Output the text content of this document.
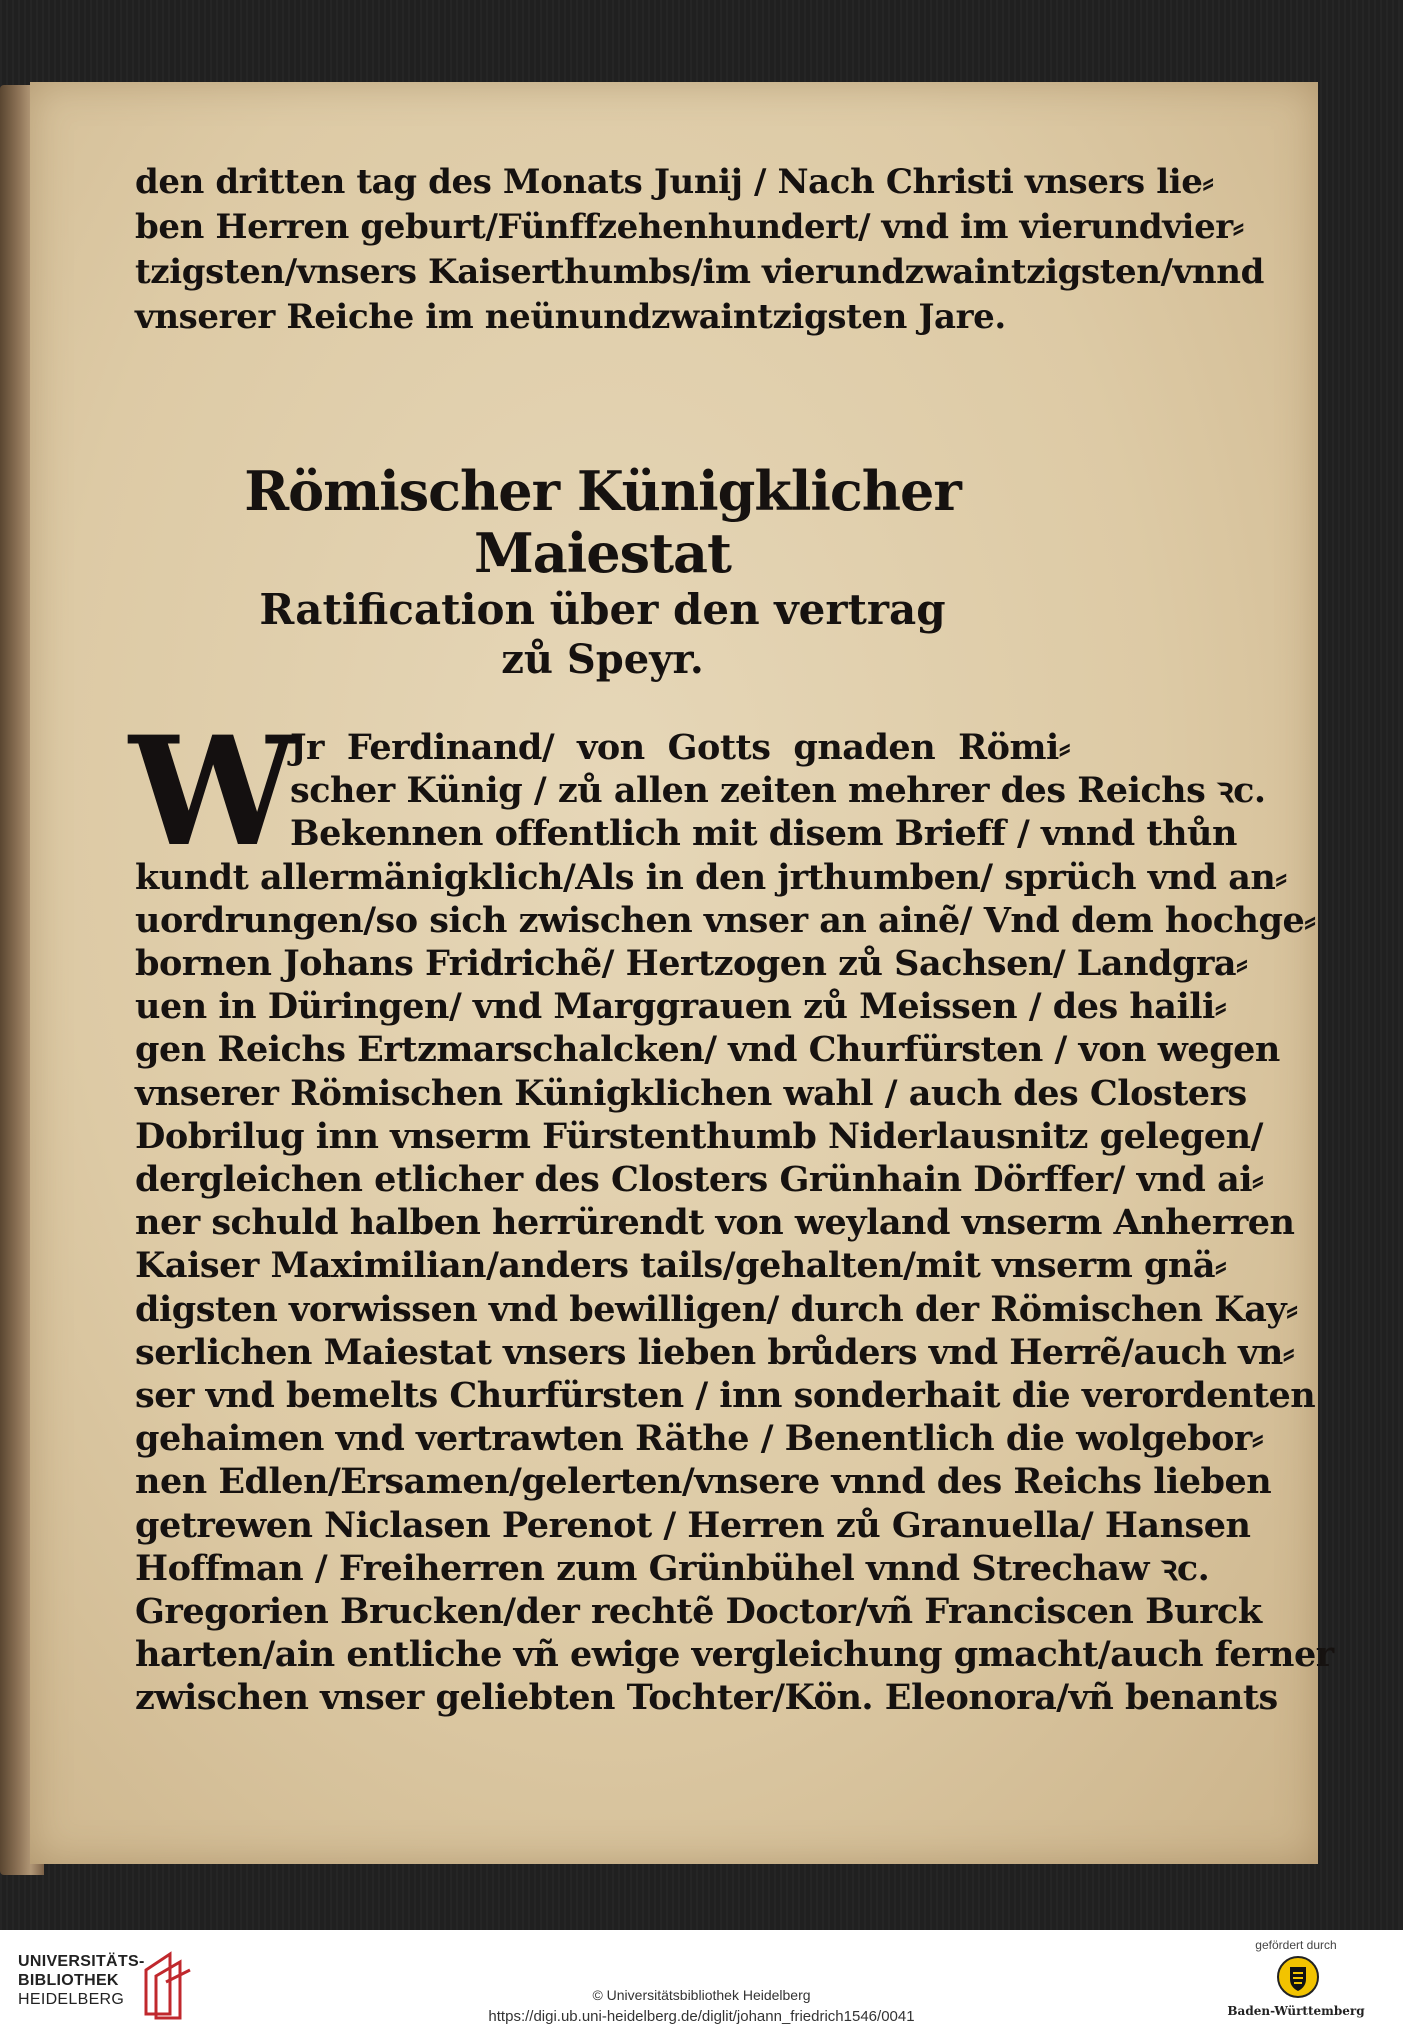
den dritten tag des Monats Junij / Nach Christi vnsers lie⸗
ben Herren geburt/Fünffzehenhundert/ vnd im vierundvier⸗
tzigsten/vnsers Kaiserthumbs/im vierundzwaintzigsten/vnnd
vnserer Reiche im neünundzwaintzigsten Jare.
Römischer Künigklicher Maiestat
Ratification über den vertrag
zů Speyr.
W
Jr Ferdinand/ von Gotts gnaden Römi⸗
scher Künig / zů allen zeiten mehrer des Reichs ꝛc.
Bekennen offentlich mit disem Brieff / vnnd thůn
kundt allermänigklich/Als in den jrthumben/ sprüch vnd an⸗
uordrungen/so sich zwischen vnser an ainẽ/ Vnd dem hochge⸗
bornen Johans Fridrichẽ/ Hertzogen zů Sachsen/ Landgra⸗
uen in Düringen/ vnd Marggrauen zů Meissen / des haili⸗
gen Reichs Ertzmarschalcken/ vnd Churfürsten / von wegen
vnserer Römischen Künigklichen wahl / auch des Closters
Dobrilug inn vnserm Fürstenthumb Niderlausnitz gelegen/
dergleichen etlicher des Closters Grünhain Dörffer/ vnd ai⸗
ner schuld halben herrürendt von weyland vnserm Anherren
Kaiser Maximilian/anders tails/gehalten/mit vnserm gnä⸗
digsten vorwissen vnd bewilligen/ durch der Römischen Kay⸗
serlichen Maiestat vnsers lieben brůders vnd Herrẽ/auch vn⸗
ser vnd bemelts Churfürsten / inn sonderhait die verordenten
gehaimen vnd vertrawten Räthe / Benentlich die wolgebor⸗
nen Edlen/Ersamen/gelerten/vnsere vnnd des Reichs lieben
getrewen Niclasen Perenot / Herren zů Granuella/ Hansen
Hoffman / Freiherren zum Grünbühel vnnd Strechaw ꝛc.
Gregorien Brucken/der rechtẽ Doctor/vñ Franciscen Burck
harten/ain entliche vñ ewige vergleichung gmacht/auch ferner
zwischen vnser geliebten Tochter/Kön. Eleonora/vñ benants
UNIVERSITÄTS-
BIBLIOTHEK
HEIDELBERG	© Universitätsbibliothek Heidelberg
https://digi.ub.uni-heidelberg.de/diglit/johann_friedrich1546/0041
gefördert durch
Baden-Württemberg
